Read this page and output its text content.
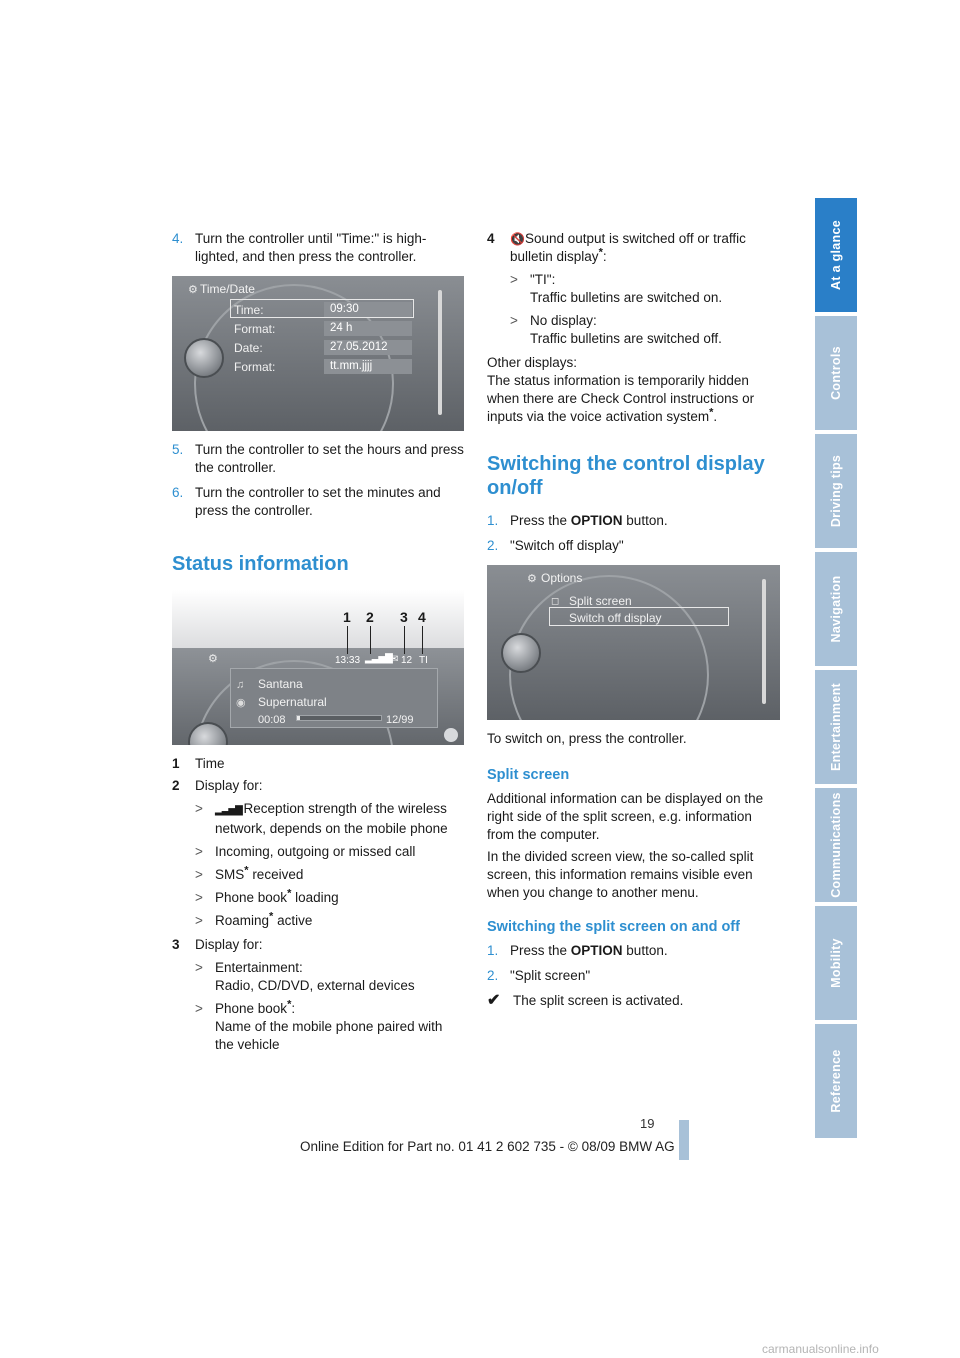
4. Turn the controller until "Time:" is high-lighted, and then press the controller.
⚙ Time/Date
Time:	09:30
Format:	24 h
Date:	27.05.2012
Format:	tt.mm.jjjj
5. Turn the controller to set the hours and press the controller.
6. Turn the controller to set the minutes and press the controller.
Status information
1 2 3 4
13:33 ▂▃▅▇
✉ 12 TI
⚙
♫
◉
Santana
Supernatural
00:08	12/99
1	Time
2	Display for:
>	▂▃▅▇ Reception strength of the wireless network, depends on the mobile phone
> Incoming, outgoing or missed call
> SMS* received
> Phone book* loading
> Roaming* active
3	Display for:
> Entertainment:
Radio, CD/DVD, external devices
> Phone book*:
Name of the mobile phone paired with the vehicle
4	🔇Sound output is switched off or traffic bulletin display*:
> "TI":
Traffic bulletins are switched on.
> No display:
Traffic bulletins are switched off.

Other displays:
The status information is temporarily hidden when there are Check Control instructions or inputs via the voice activation system*.

Switching the control display on/off
1. Press the OPTION button.
2. "Switch off display"
⚙ Options
◻ Split screen
Switch off display

To switch on, press the controller.

Split screen

Additional information can be displayed on the right side of the split screen, e.g. information from the computer.

In the divided screen view, the so-called split screen, this information remains visible even when you change to another menu.

Switching the split screen on and off
1. Press the OPTION button.
2. "Split screen"
✔ The split screen is activated.
At a glance
Controls
Driving tips
Navigation
Entertainment
Communications
Mobility
Reference
19
Online Edition for Part no. 01 41 2 602 735 - © 08/09 BMW AG
carmanualsonline.info
